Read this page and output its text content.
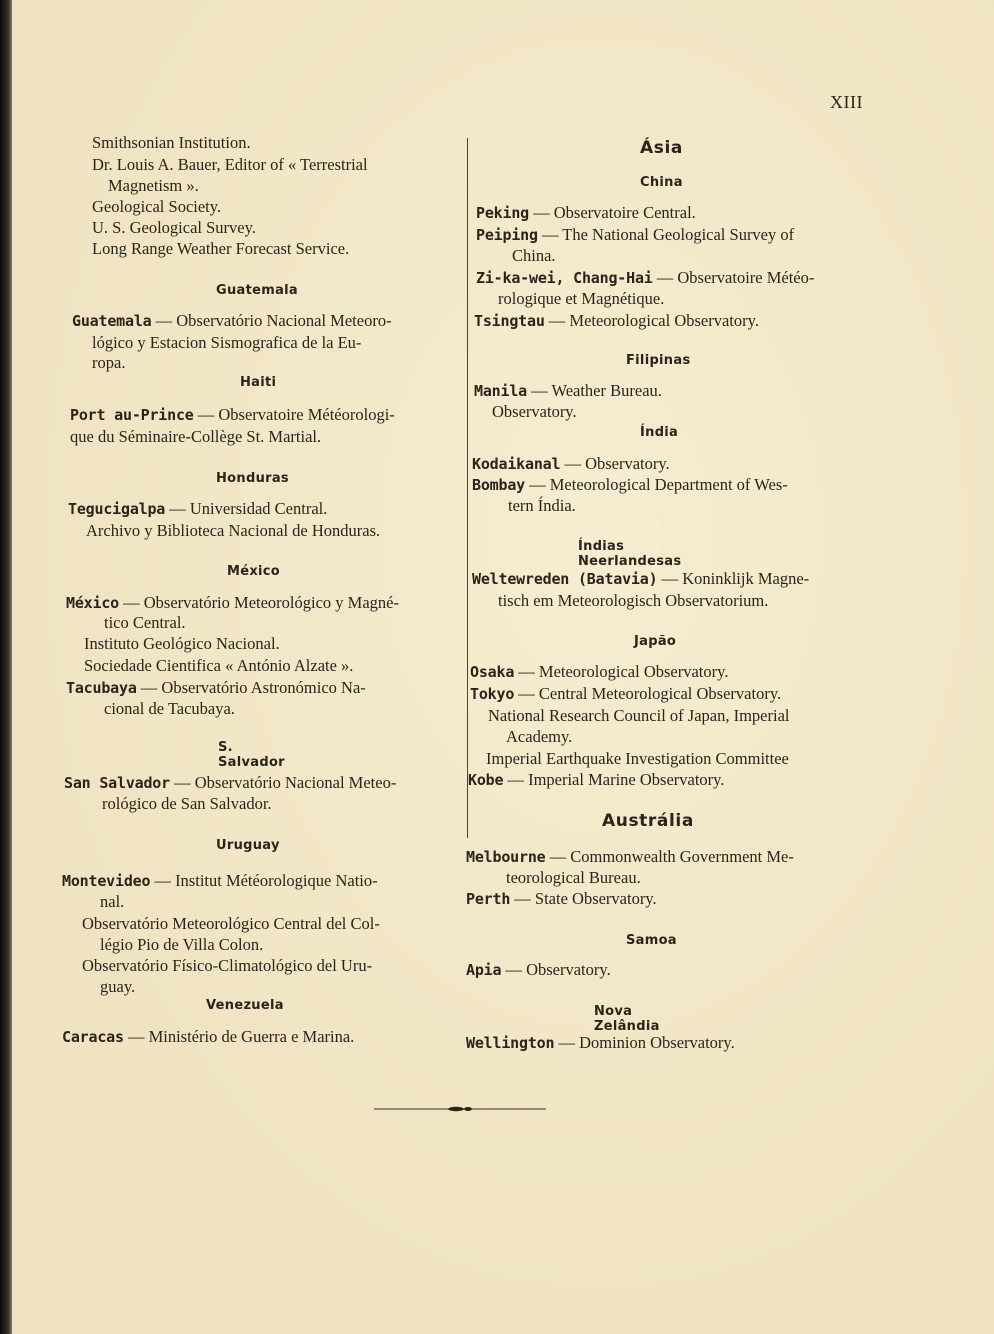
XIII
Smithsonian Institution.
Dr. Louis A. Bauer, Editor of « Terrestrial
Magnetism ».
Geological Society.
U. S. Geological Survey.
Long Range Weather Forecast Service.
Guatemala
Guatemala — Observatório Nacional Meteoro-
lógico y Estacion Sismografica de la Eu-
ropa.
Haiti
Port au-Prince — Observatoire Météorologi-
que du Séminaire-Collège St. Martial.
Honduras
Tegucigalpa — Universidad Central.
Archivo y Biblioteca Nacional de Honduras.
México
México — Observatório Meteorológico y Magné-
tico Central.
Instituto Geológico Nacional.
Sociedade Cientifica « António Alzate ».
Tacubaya — Observatório Astronómico Na-
cional de Tacubaya.
S. Salvador
San Salvador — Observatório Nacional Meteo-
rológico de San Salvador.
Uruguay
Montevideo — Institut Météorologique Natio-
nal.
Observatório Meteorológico Central del Col-
légio Pio de Villa Colon.
Observatório Físico-Climatológico del Uru-
guay.
Venezuela
Caracas — Ministério de Guerra e Marina.
Ásia
China
Peking — Observatoire Central.
Peiping — The National Geological Survey of
China.
Zi-ka-wei, Chang-Hai — Observatoire Météo-
rologique et Magnétique.
Tsingtau — Meteorological Observatory.
Filipinas
Manila — Weather Bureau.
Observatory.
Índia
Kodaikanal — Observatory.
Bombay — Meteorological Department of Wes-
tern Índia.
Índias Neerlandesas
Weltewreden (Batavia) — Koninklijk Magne-
tisch em Meteorologisch Observatorium.
Japão
Osaka — Meteorological Observatory.
Tokyo — Central Meteorological Observatory.
National Research Council of Japan, Imperial
Academy.
Imperial Earthquake Investigation Committee
Kobe — Imperial Marine Observatory.
Austrália
Melbourne — Commonwealth Government Me-
teorological Bureau.
Perth — State Observatory.
Samoa
Apia — Observatory.
Nova Zelândia
Wellington — Dominion Observatory.
